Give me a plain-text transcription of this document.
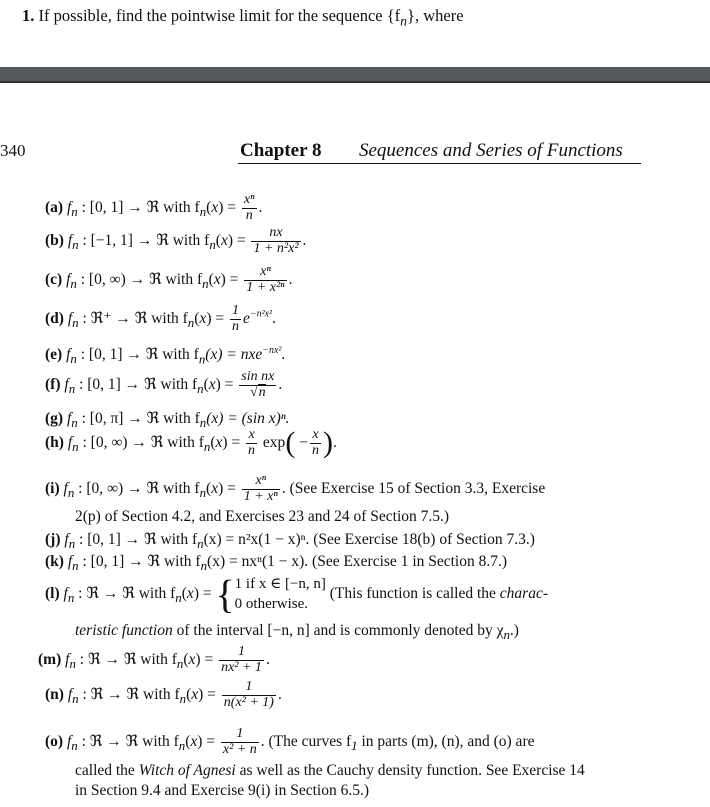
1. If possible, find the pointwise limit for the sequence $\{f_n\}$, where
340	Chapter 8 Sequences and Series of Functions
(a) $f_n$ : [0, 1] → ℜ with $f_n(x) = \frac{\text{xⁿ}}{n}$ .
(b) $f_n$ : [−1, 1] → ℜ with $f_n(x) = \frac{nx}{\text{1 + n²x²}}$ .
(c) $f_n$ : [0, ∞) → ℜ with $f_n(x) = \frac{\text{xⁿ}}{\text{1 + x²ⁿ}}$ .
(d) $f_n$ : ℜ⁺ → ℜ with $f_n(x) = \frac{1}{n} e^{-n^2x^2}$.
(e) $f_n$ : [0, 1] → ℜ with $f_n(x) = nxe^{-nx^2}$.
(f) $f_n$ : [0, 1] → ℜ with $f_n(x) = \frac{\text{sin nx}}{√n}$ .
(g) $f_n$ : [0, π] → ℜ with $f_n(x) = (\sin$ x)ⁿ.
(h) $f_n$ : [0, ∞) → ℜ with $f_n(x) = \frac{x}{n} \exp( - \frac{x}{n}$ ).
(i) $f_n$ : [0, ∞) → ℜ with $f_n(x) = \frac{\text{xⁿ}}{\text{1 + xⁿ}}$ . (See Exercise 15 of Section 3.3, Exercise
2(p) of Section 4.2, and Exercises 23 and 24 of Section 7.5.)
(j) $f_n$ : [0, 1] → ℜ with $f_n(x) = n^2x(1 - x)^n$. (See Exercise 18(b) of Section 7.3.)
(k) $f_n$ : [0, 1] → ℜ with $f_n(x) = nx^n(1 - x)$. (See Exercise 1 in Section 8.7.)
(l) $f_n$ : ℜ → ℜ with $f_n(x) = \{1$ if x ∈ [−n, n]
0 otherwise. (This function is called the charac-
teristic function of the interval [−n, n] and is commonly denoted by $\chi_n$.)
(m) $f_n$ : ℜ → ℜ with $f_n(x) = \frac{1}{\text{nx² + 1}}$ .
(n) $f_n$ : ℜ → ℜ with $f_n(x) = \frac{1}{\text{n(x² + 1)}}$ .
(o) $f_n$ : ℜ → ℜ with $f_n(x) = \frac{1}{\text{x² + n}}$ . (The curves $f_1$ in parts (m), (n), and (o) are
called the Witch of Agnesi as well as the Cauchy density function. See Exercise 14
in Section 9.4 and Exercise 9(i) in Section 6.5.)
